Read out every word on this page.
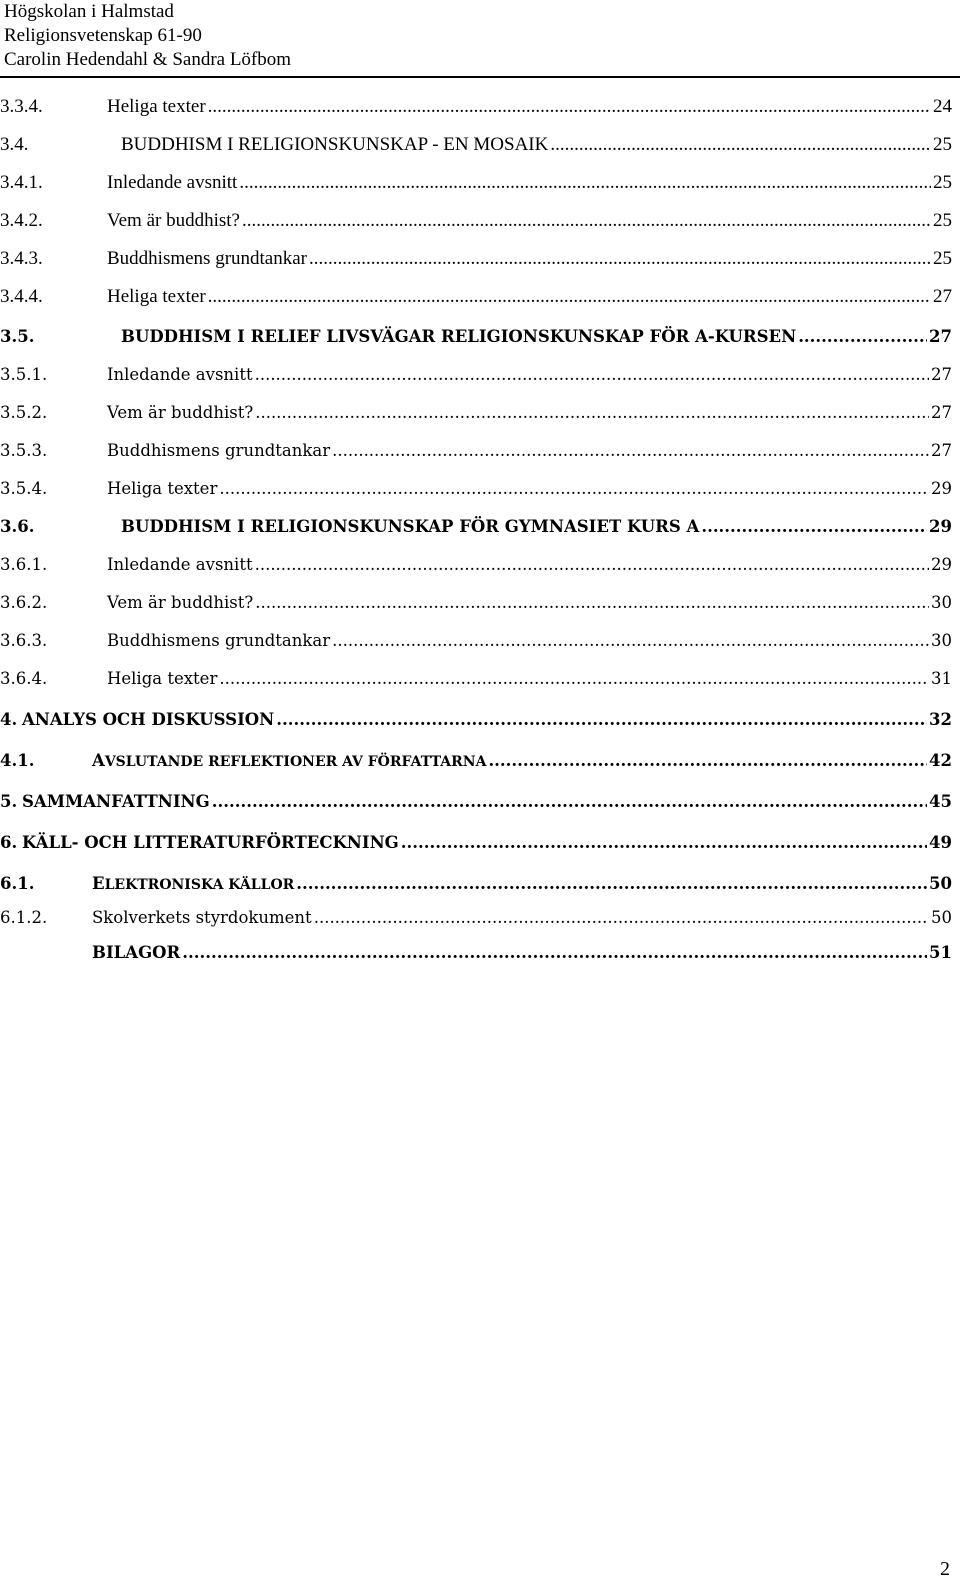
Högskolan i Halmstad
Religionsvetenskap 61-90
Carolin Hedendahl & Sandra Löfbom
3.3.4.	Heliga texter .....	24
3.4.	BUDDHISM I RELIGIONSKUNSKAP - EN MOSAIK .....	25
3.4.1.	Inledande avsnitt .....	25
3.4.2.	Vem är buddhist? .....	25
3.4.3.	Buddhismens grundtankar .....	25
3.4.4.	Heliga texter .....	27
3.5.	BUDDHISM I RELIEF LIVSVÄGAR RELIGIONSKUNSKAP FÖR A-KURSEN .....	27
3.5.1.	Inledande avsnitt .....	27
3.5.2.	Vem är buddhist? .....	27
3.5.3.	Buddhismens grundtankar .....	27
3.5.4.	Heliga texter .....	29
3.6.	BUDDHISM I RELIGIONSKUNSKAP FÖR GYMNASIET KURS A .....	29
3.6.1.	Inledande avsnitt .....	29
3.6.2.	Vem är buddhist? .....	30
3.6.3.	Buddhismens grundtankar .....	30
3.6.4.	Heliga texter .....	31
4. ANALYS OCH DISKUSSION .....	32
4.1.	AVSLUTANDE REFLEKTIONER AV FÖRFATTARNA .....	42
5. SAMMANFATTNING .....	45
6. KÄLL- OCH LITTERATURFÖRTECKNING .....	49
6.1.	ELEKTRONISKA KÄLLOR .....	50
6.1.2.	Skolverkets styrdokument .....	50
BILAGOR .....	51
2
